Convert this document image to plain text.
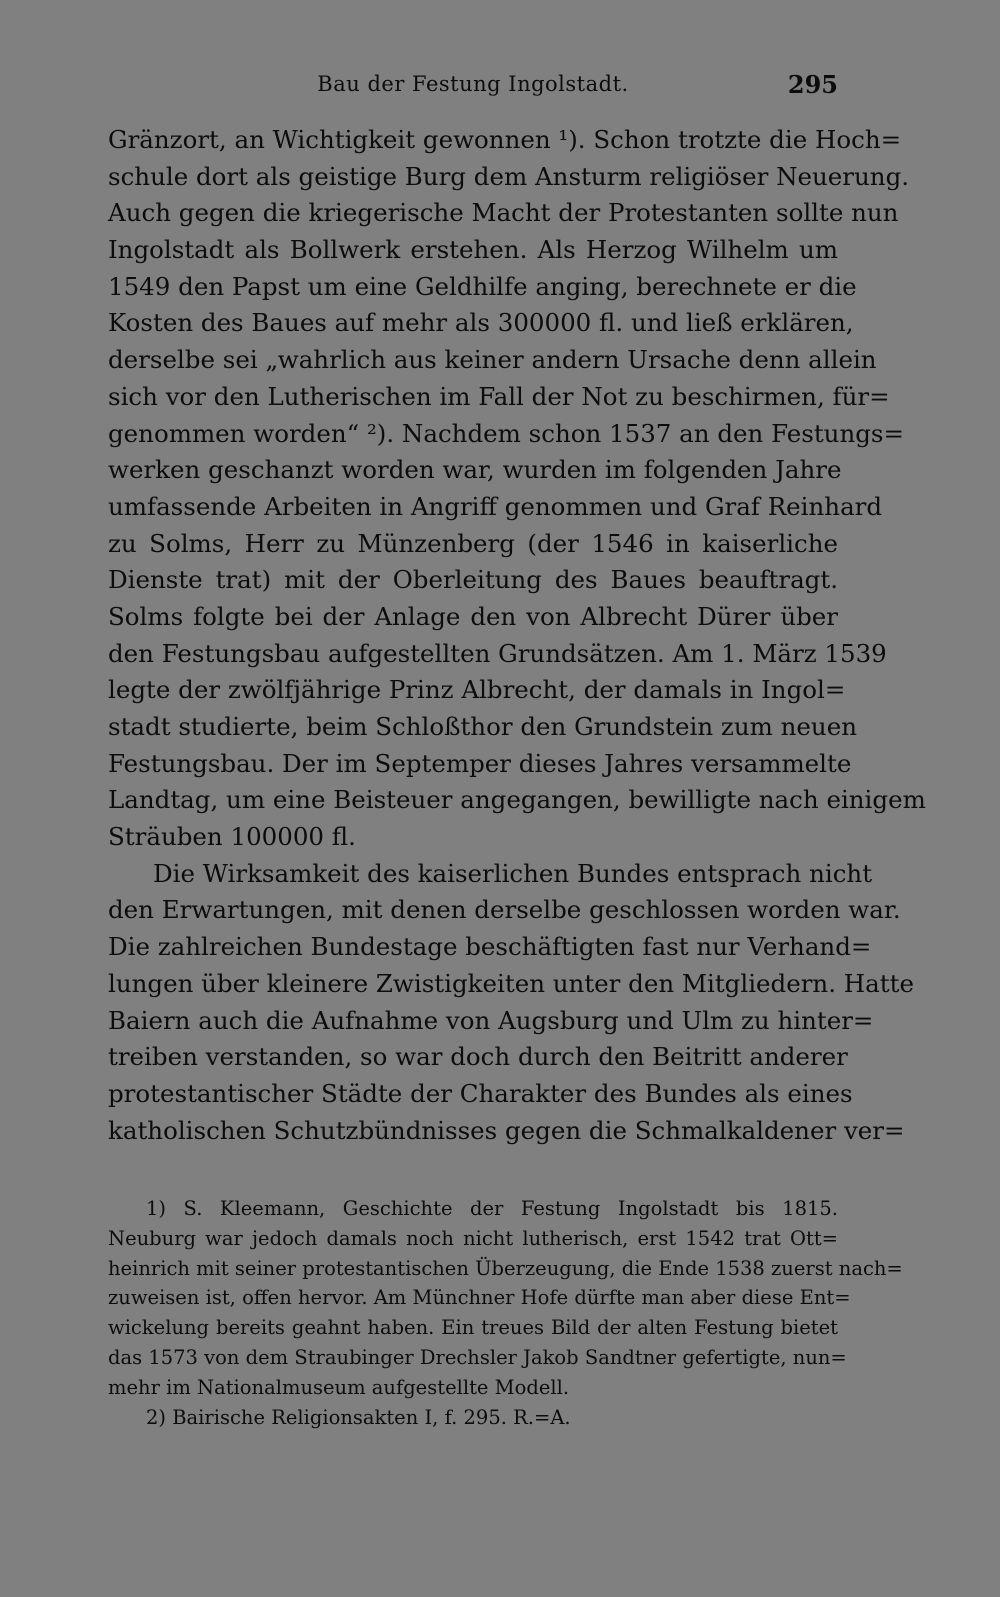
Bau der Festung Ingolstadt.	295
Gränzort, an Wichtigkeit gewonnen ¹). Schon trotzte die Hoch=
schule dort als geistige Burg dem Ansturm religiöser Neuerung.
Auch gegen die kriegerische Macht der Protestanten sollte nun
Ingolstadt als Bollwerk erstehen. Als Herzog Wilhelm um
1549 den Papst um eine Geldhilfe anging, berechnete er die
Kosten des Baues auf mehr als 300000 fl. und ließ erklären,
derselbe sei „wahrlich aus keiner andern Ursache denn allein
sich vor den Lutherischen im Fall der Not zu beschirmen, für=
genommen worden“ ²). Nachdem schon 1537 an den Festungs=
werken geschanzt worden war, wurden im folgenden Jahre
umfassende Arbeiten in Angriff genommen und Graf Reinhard
zu Solms, Herr zu Münzenberg (der 1546 in kaiserliche
Dienste trat) mit der Oberleitung des Baues beauftragt.
Solms folgte bei der Anlage den von Albrecht Dürer über
den Festungsbau aufgestellten Grundsätzen. Am 1. März 1539
legte der zwölfjährige Prinz Albrecht, der damals in Ingol=
stadt studierte, beim Schloßthor den Grundstein zum neuen
Festungsbau. Der im Septemper dieses Jahres versammelte
Landtag, um eine Beisteuer angegangen, bewilligte nach einigem
Sträuben 100000 fl.
Die Wirksamkeit des kaiserlichen Bundes entsprach nicht
den Erwartungen, mit denen derselbe geschlossen worden war.
Die zahlreichen Bundestage beschäftigten fast nur Verhand=
lungen über kleinere Zwistigkeiten unter den Mitgliedern. Hatte
Baiern auch die Aufnahme von Augsburg und Ulm zu hinter=
treiben verstanden, so war doch durch den Beitritt anderer
protestantischer Städte der Charakter des Bundes als eines
katholischen Schutzbündnisses gegen die Schmalkaldener ver=
1) S. Kleemann, Geschichte der Festung Ingolstadt bis 1815.
Neuburg war jedoch damals noch nicht lutherisch, erst 1542 trat Ott=
heinrich mit seiner protestantischen Überzeugung, die Ende 1538 zuerst nach=
zuweisen ist, offen hervor. Am Münchner Hofe dürfte man aber diese Ent=
wickelung bereits geahnt haben. Ein treues Bild der alten Festung bietet
das 1573 von dem Straubinger Drechsler Jakob Sandtner gefertigte, nun=
mehr im Nationalmuseum aufgestellte Modell.
2) Bairische Religionsakten I, f. 295. R.=A.
